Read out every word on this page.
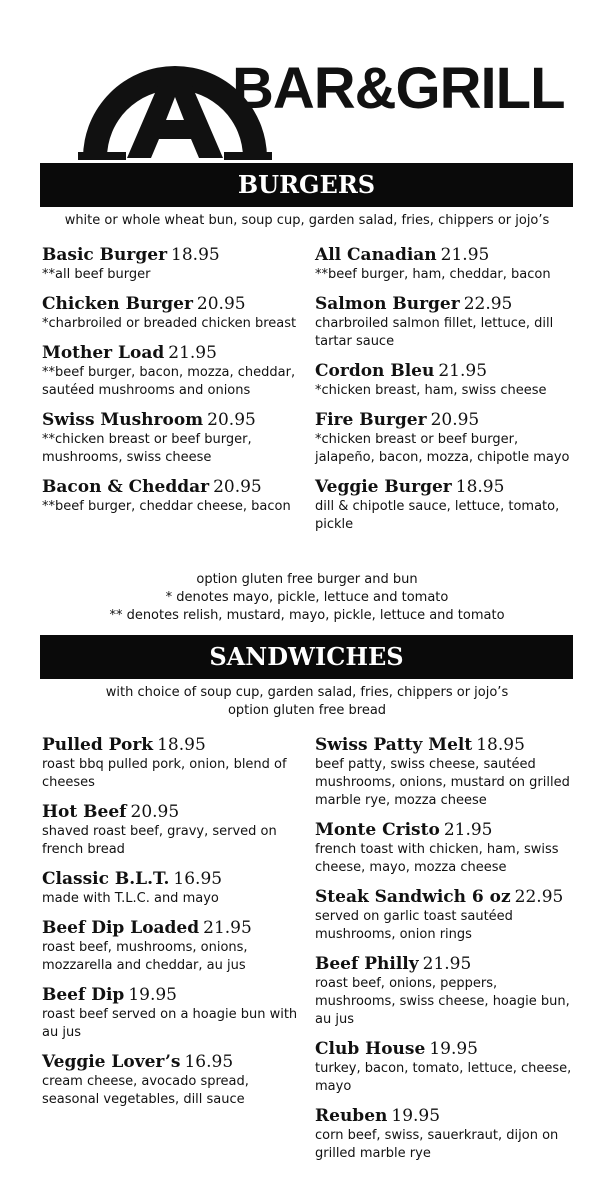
BAR&GRILL
BURGERS
white or whole wheat bun, soup cup, garden salad, fries, chippers or jojo’s
Basic Burger 18.95
**all beef burger
Chicken Burger 20.95
*charbroiled or breaded chicken breast
Mother Load 21.95
**beef burger, bacon, mozza, cheddar, sautéed mushrooms and onions
Swiss Mushroom 20.95
**chicken breast or beef burger, mushrooms, swiss cheese
Bacon & Cheddar 20.95
**beef burger, cheddar cheese, bacon
All Canadian 21.95
**beef burger, ham, cheddar, bacon
Salmon Burger 22.95
charbroiled salmon fillet, lettuce, dill tartar sauce
Cordon Bleu 21.95
*chicken breast, ham, swiss cheese
Fire Burger 20.95
*chicken breast or beef burger, jalapeño, bacon, mozza, chipotle mayo
Veggie Burger 18.95
dill & chipotle sauce, lettuce, tomato, pickle
option gluten free burger and bun
* denotes mayo, pickle, lettuce and tomato
** denotes relish, mustard, mayo, pickle, lettuce and tomato
SANDWICHES
with choice of soup cup, garden salad, fries, chippers or jojo’s
option gluten free bread
Pulled Pork 18.95
roast bbq pulled pork, onion, blend of cheeses
Hot Beef 20.95
shaved roast beef, gravy, served on french bread
Classic B.L.T. 16.95
made with T.L.C. and mayo
Beef Dip Loaded 21.95
roast beef, mushrooms, onions, mozzarella and cheddar, au jus
Beef Dip 19.95
roast beef served on a hoagie bun with au jus
Veggie Lover’s 16.95
cream cheese, avocado spread, seasonal vegetables, dill sauce
Swiss Patty Melt 18.95
beef patty, swiss cheese, sautéed mushrooms, onions, mustard on grilled marble rye, mozza cheese
Monte Cristo 21.95
french toast with chicken, ham, swiss cheese, mayo, mozza cheese
Steak Sandwich 6 oz 22.95
served on garlic toast sautéed mushrooms, onion rings
Beef Philly 21.95
roast beef, onions, peppers, mushrooms, swiss cheese, hoagie bun, au jus
Club House 19.95
turkey, bacon, tomato, lettuce, cheese, mayo
Reuben 19.95
corn beef, swiss, sauerkraut, dijon on grilled marble rye
